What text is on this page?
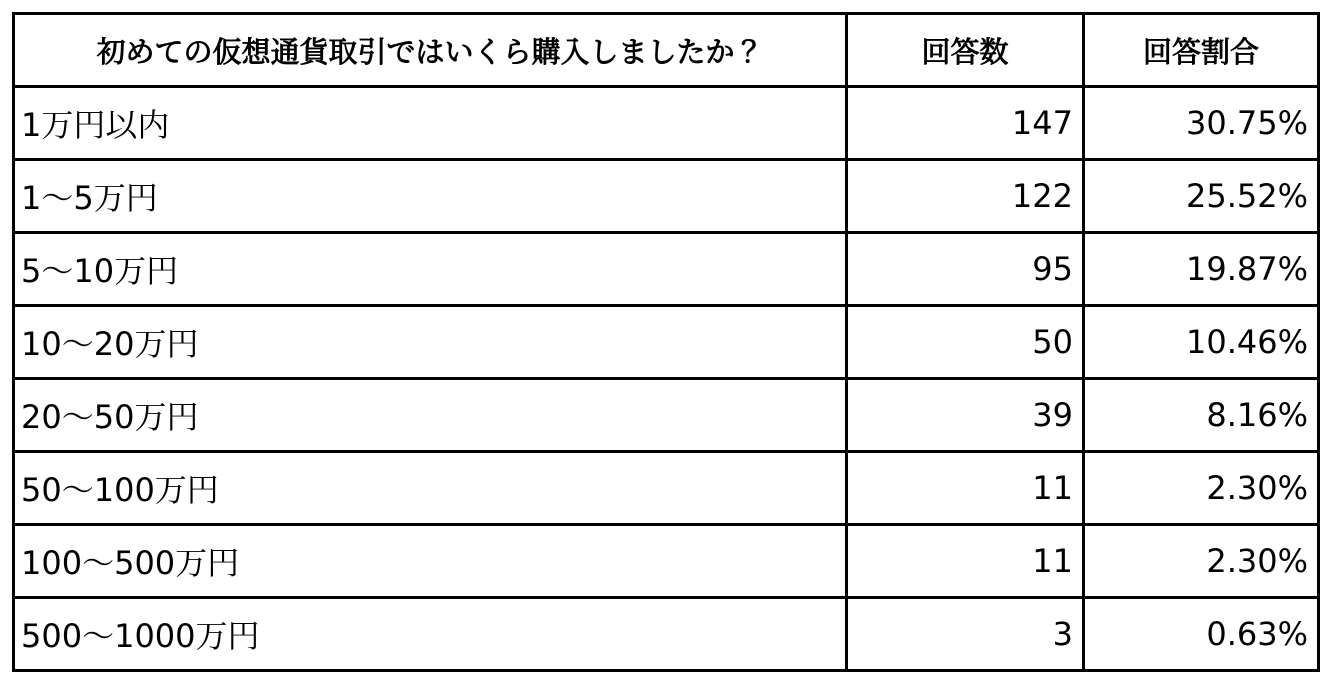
初めての仮想通貨取引ではいくら購入しましたか？	回答数	回答割合
1万円以内	147	30.75%
1～5万円	122	25.52%
5～10万円	95	19.87%
10～20万円	50	10.46%
20～50万円	39	8.16%
50～100万円	11	2.30%
100～500万円	11	2.30%
500～1000万円	3	0.63%
